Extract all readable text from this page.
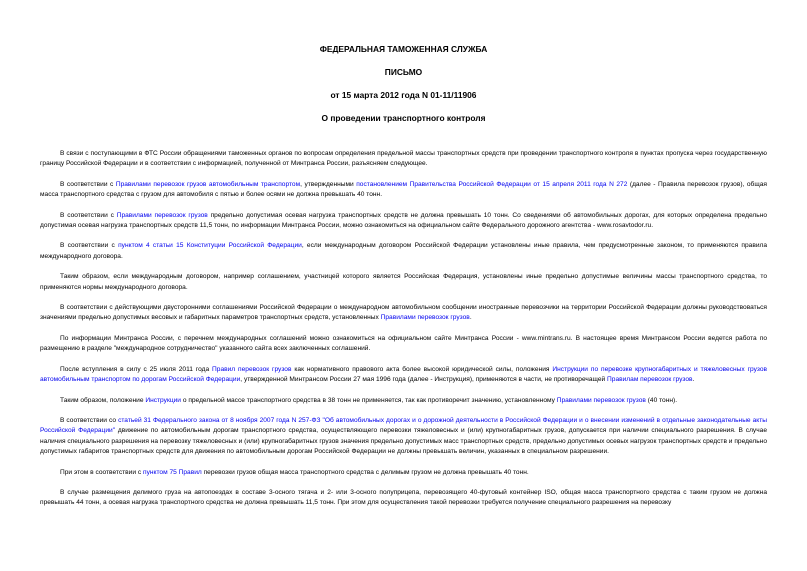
ФЕДЕРАЛЬНАЯ ТАМОЖЕННАЯ СЛУЖБА

ПИСЬМО

от 15 марта 2012 года N 01-11/11906

О проведении транспортного контроля

В связи с поступающими в ФТС России обращениями таможенных органов по вопросам определения предельной массы транспортных средств при проведении транспортного контроля в пунктах пропуска через государственную границу Российской Федерации и в соответствии с информацией, полученной от Минтранса России, разъясняем следующее.

В соответствии с Правилами перевозок грузов автомобильным транспортом, утвержденными постановлением Правительства Российской Федерации от 15 апреля 2011 года N 272 (далее - Правила перевозок грузов), общая масса транспортного средства с грузом для автомобиля с пятью и более осями не должна превышать 40 тонн.

В соответствии с Правилами перевозок грузов предельно допустимая осевая нагрузка транспортных средств не должна превышать 10 тонн. Со сведениями об автомобильных дорогах, для которых определена предельно допустимая осевая нагрузка транспортных средств 11,5 тонн, по информации Минтранса России, можно ознакомиться на официальном сайте Федерального дорожного агентства - www.rosavtodor.ru.

В соответствии с пунктом 4 статьи 15 Конституции Российской Федерации, если международным договором Российской Федерации установлены иные правила, чем предусмотренные законом, то применяются правила международного договора.

Таким образом, если международным договором, например соглашением, участницей которого является Российская Федерация, установлены иные предельно допустимые величины массы транспортного средства, то применяются нормы международного договора.

В соответствии с действующими двусторонними соглашениями Российской Федерации о международном автомобильном сообщении иностранные перевозчики на территории Российской Федерации должны руководствоваться значениями предельно допустимых весовых и габаритных параметров транспортных средств, установленных Правилами перевозок грузов.

По информации Минтранса России, с перечнем международных соглашений можно ознакомиться на официальном сайте Минтранса России - www.mintrans.ru. В настоящее время Минтрансом России ведется работа по размещению в разделе "международное сотрудничество" указанного сайта всех заключенных соглашений.

После вступления в силу с 25 июля 2011 года Правил перевозок грузов как нормативного правового акта более высокой юридической силы, положения Инструкции по перевозке крупногабаритных и тяжеловесных грузов автомобильным транспортом по дорогам Российской Федерации, утвержденной Минтрансом России 27 мая 1996 года (далее - Инструкция), применяются в части, не противоречащей Правилам перевозок грузов.

Таким образом, положение Инструкции о предельной массе транспортного средства в 38 тонн не применяется, так как противоречит значению, установленному Правилами перевозок грузов (40 тонн).

В соответствии со статьей 31 Федерального закона от 8 ноября 2007 года N 257-ФЗ "Об автомобильных дорогах и о дорожной деятельности в Российской Федерации и о внесении изменений в отдельные законодательные акты Российской Федерации" движение по автомобильным дорогам транспортного средства, осуществляющего перевозки тяжеловесных и (или) крупногабаритных грузов, допускается при наличии специального разрешения. В случае наличия специального разрешения на перевозку тяжеловесных и (или) крупногабаритных грузов значения предельно допустимых масс транспортных средств, предельно допустимых осевых нагрузок транспортных средств и предельно допустимых габаритов транспортных средств для движения по автомобильным дорогам Российской Федерации не должны превышать величин, указанных в специальном разрешении.

При этом в соответствии с пунктом 75 Правил перевозки грузов общая масса транспортного средства с делимым грузом не должна превышать 40 тонн.

В случае размещения делимого груза на автопоездах в составе 3-осного тягача и 2- или 3-осного полуприцепа, перевозящего 40-футовый контейнер ISO, общая масса транспортного средства с таким грузом не должна превышать 44 тонн, а осевая нагрузка транспортного средства не должна превышать 11,5 тонн. При этом для осуществления такой перевозки требуется получение специального разрешения на перевозку
